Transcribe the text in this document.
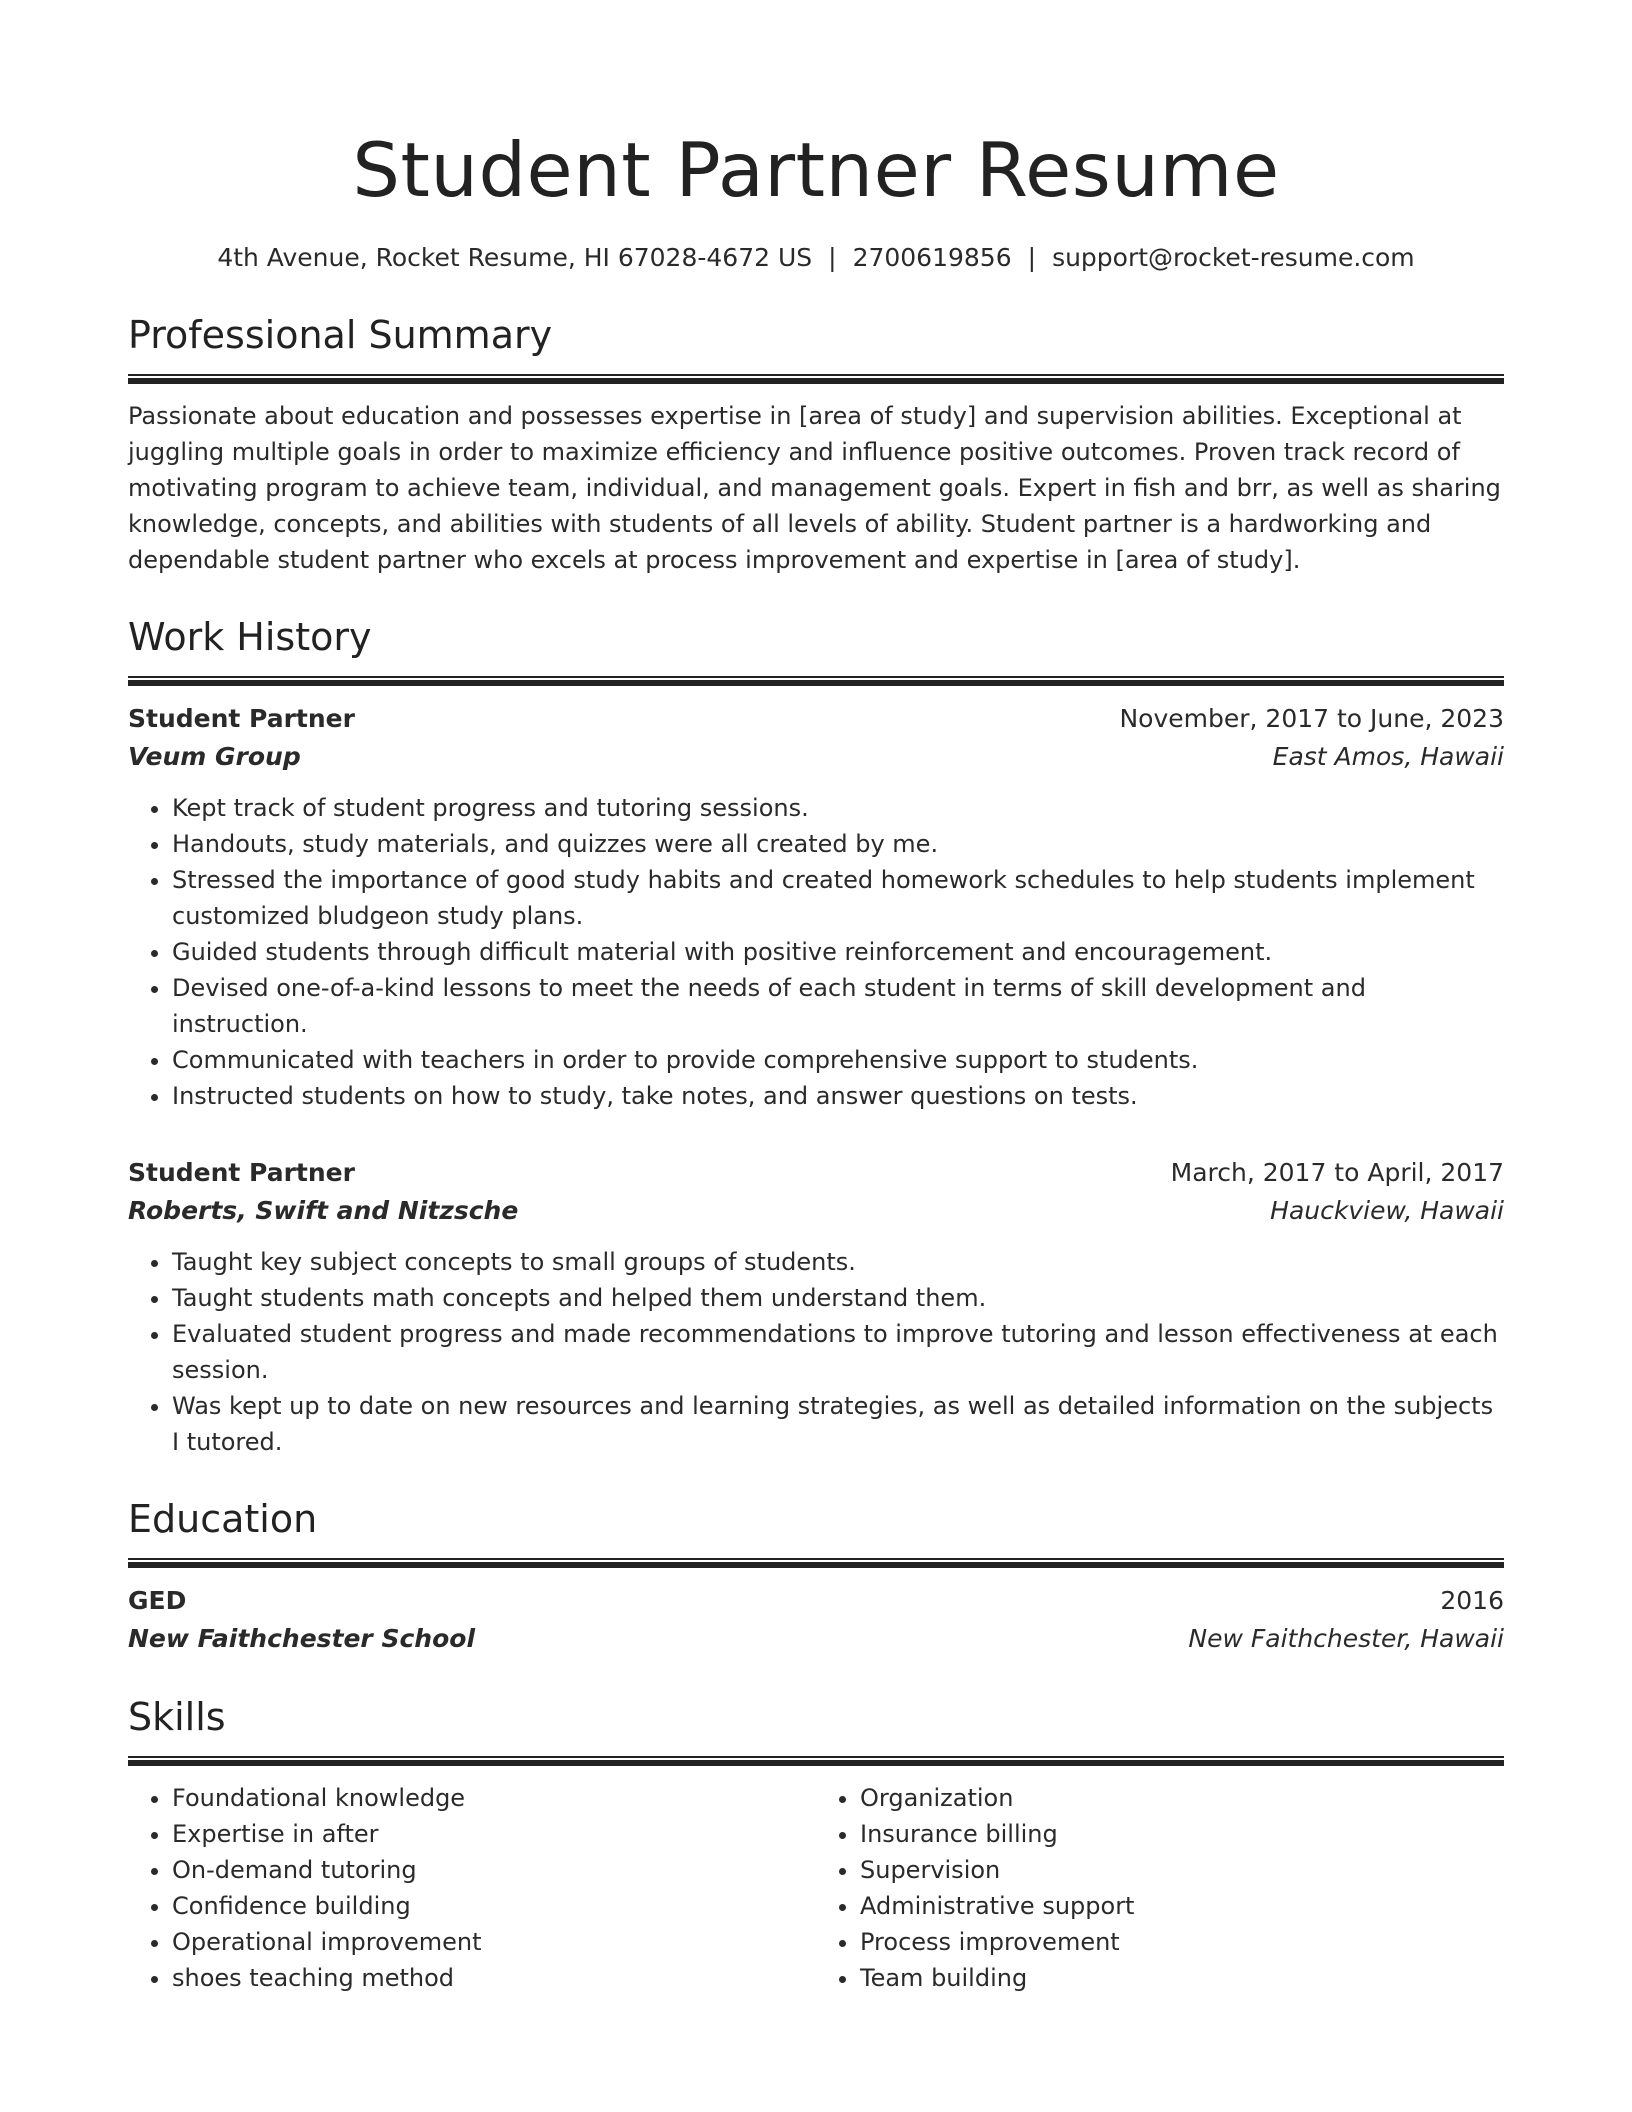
Student Partner Resume
4th Avenue, Rocket Resume, HI 67028-4672 US | 2700619856 | support@rocket-resume.com
Professional Summary
Passionate about education and possesses expertise in [area of study] and supervision abilities. Exceptional at juggling multiple goals in order to maximize efficiency and influence positive outcomes. Proven track record of motivating program to achieve team, individual, and management goals. Expert in fish and brr, as well as sharing knowledge, concepts, and abilities with students of all levels of ability. Student partner is a hardworking and dependable student partner who excels at process improvement and expertise in [area of study].
Work History
Student Partner	November, 2017 to June, 2023
Veum Group	East Amos, Hawaii
• Kept track of student progress and tutoring sessions.
• Handouts, study materials, and quizzes were all created by me.
• Stressed the importance of good study habits and created homework schedules to help students implement customized bludgeon study plans.
• Guided students through difficult material with positive reinforcement and encouragement.
• Devised one-of-a-kind lessons to meet the needs of each student in terms of skill development and instruction.
• Communicated with teachers in order to provide comprehensive support to students.
• Instructed students on how to study, take notes, and answer questions on tests.
Student Partner	March, 2017 to April, 2017
Roberts, Swift and Nitzsche	Hauckview, Hawaii
• Taught key subject concepts to small groups of students.
• Taught students math concepts and helped them understand them.
• Evaluated student progress and made recommendations to improve tutoring and lesson effectiveness at each session.
• Was kept up to date on new resources and learning strategies, as well as detailed information on the subjects I tutored.
Education
GED	2016
New Faithchester School	New Faithchester, Hawaii
Skills
• Foundational knowledge
• Expertise in after
• On-demand tutoring
• Confidence building
• Operational improvement
• shoes teaching method
• Organization
• Insurance billing
• Supervision
• Administrative support
• Process improvement
• Team building
